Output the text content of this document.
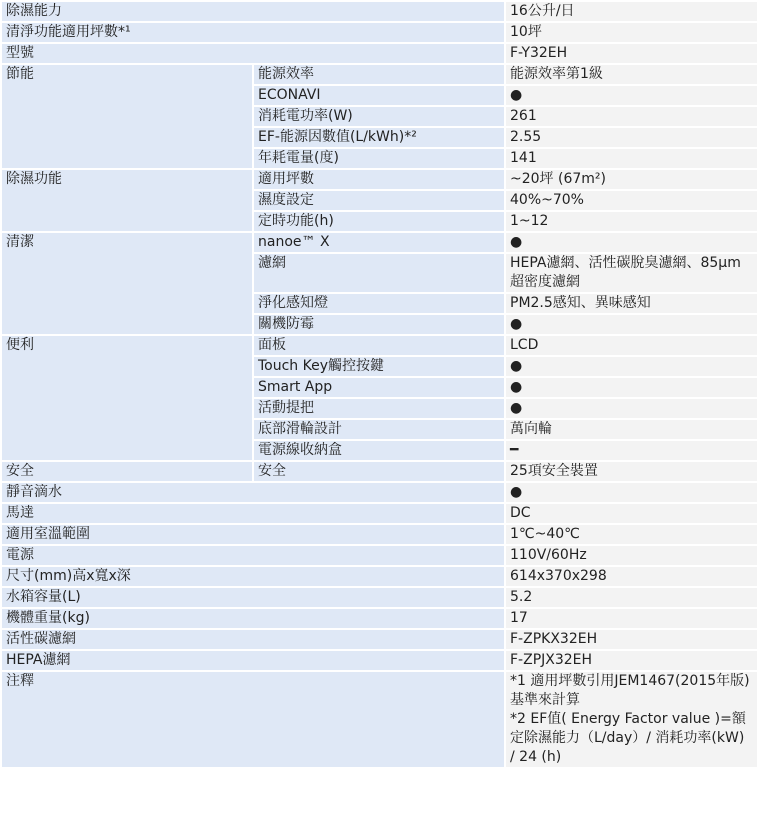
除濕能力		16公升/日
清淨功能適用坪數*¹		10坪
型號		F-Y32EH
節能	能源效率	能源效率第1級
	ECONAVI	●
	消耗電功率(W)	261
	EF-能源因數值(L/kWh)*²	2.55
	年耗電量(度)	141
除濕功能	適用坪數	~20坪 (67m²)
	濕度設定	40%~70%
	定時功能(h)	1~12
清潔	nanoe™ X	●
	濾網	HEPA濾網、活性碳脫臭濾網、85μm超密度濾網
	淨化感知燈	PM2.5感知、異味感知
	關機防霉	●
便利	面板	LCD
	Touch Key觸控按鍵	●
	Smart App	●
	活動提把	●
	底部滑輪設計	萬向輪
	電源線收納盒	━
安全	安全	25項安全裝置
靜音滴水		●
馬達		DC
適用室溫範圍		1℃~40℃
電源		110V/60Hz
尺寸(mm)高x寬x深		614x370x298
水箱容量(L)		5.2
機體重量(kg)		17
活性碳濾網		F-ZPKX32EH
HEPA濾網		F-ZPJX32EH
注釋		*1 適用坪數引用JEM1467(2015年版)基準來計算
*2 EF值( Energy Factor value )=額定除濕能力（L/day）/ 消耗功率(kW) / 24 (h)
